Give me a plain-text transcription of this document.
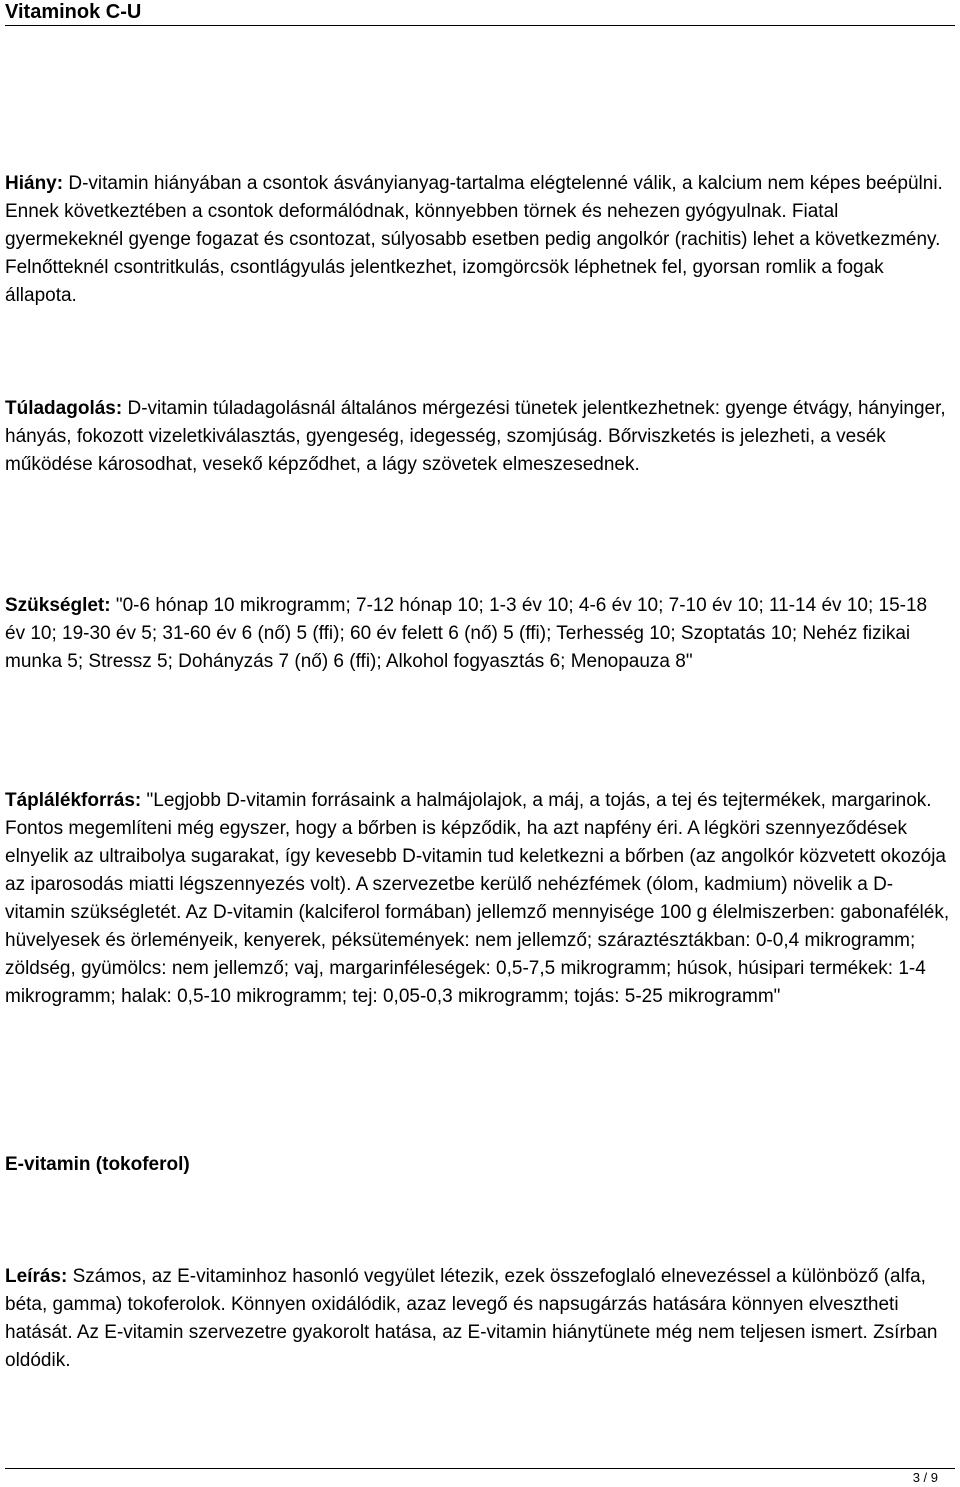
Vitaminok C-U

Hiány: D-vitamin hiányában a csontok ásványianyag-tartalma elégtelenné válik, a kalcium nem képes beépülni. Ennek következtében a csontok deformálódnak, könnyebben törnek és nehezen gyógyulnak. Fiatal gyermekeknél gyenge fogazat és csontozat, súlyosabb esetben pedig angolkór (rachitis) lehet a következmény. Felnőtteknél csontritkulás, csontlágyulás jelentkezhet, izomgörcsök léphetnek fel, gyorsan romlik a fogak állapota.

Túladagolás: D-vitamin túladagolásnál általános mérgezési tünetek jelentkezhetnek: gyenge étvágy, hányinger, hányás, fokozott vizeletkiválasztás, gyengeség, idegesség, szomjúság. Bőrviszketés is jelezheti, a vesék működése károsodhat, vesekő képződhet, a lágy szövetek elmeszesednek.

Szükséglet: "0-6 hónap 10 mikrogramm; 7-12 hónap 10; 1-3 év 10; 4-6 év 10; 7-10 év 10; 11-14 év 10; 15-18 év 10; 19-30 év 5; 31-60 év 6 (nő) 5 (ffi); 60 év felett 6 (nő) 5 (ffi); Terhesség 10; Szoptatás 10; Nehéz fizikai munka 5; Stressz 5; Dohányzás 7 (nő) 6 (ffi); Alkohol fogyasztás 6; Menopauza 8"

Táplálékforrás: "Legjobb D-vitamin forrásaink a halmájolajok, a máj, a tojás, a tej és tejtermékek, margarinok. Fontos megemlíteni még egyszer, hogy a bőrben is képződik, ha azt napfény éri. A légköri szennyeződések elnyelik az ultraibolya sugarakat, így kevesebb D-vitamin tud keletkezni a bőrben (az angolkór közvetett okozója az iparosodás miatti légszennyezés volt). A szervezetbe kerülő nehézfémek (ólom, kadmium) növelik a D-vitamin szükségletét. Az D-vitamin (kalciferol formában) jellemző mennyisége 100 g élelmiszerben: gabonafélék, hüvelyesek és örleményeik, kenyerek, péksütemények: nem jellemző; száraztésztákban: 0-0,4 mikrogramm; zöldség, gyümölcs: nem jellemző; vaj, margarinféleségek: 0,5-7,5 mikrogramm; húsok, húsipari termékek: 1-4 mikrogramm; halak: 0,5-10 mikrogramm; tej: 0,05-0,3 mikrogramm; tojás: 5-25 mikrogramm"

E-vitamin (tokoferol)

Leírás: Számos, az E-vitaminhoz hasonló vegyület létezik, ezek összefoglaló elnevezéssel a különböző (alfa, béta, gamma) tokoferolok. Könnyen oxidálódik, azaz levegő és napsugárzás hatására könnyen elvesztheti hatását. Az E-vitamin szervezetre gyakorolt hatása, az E-vitamin hiánytünete még nem teljesen ismert. Zsírban oldódik.

3 / 9
